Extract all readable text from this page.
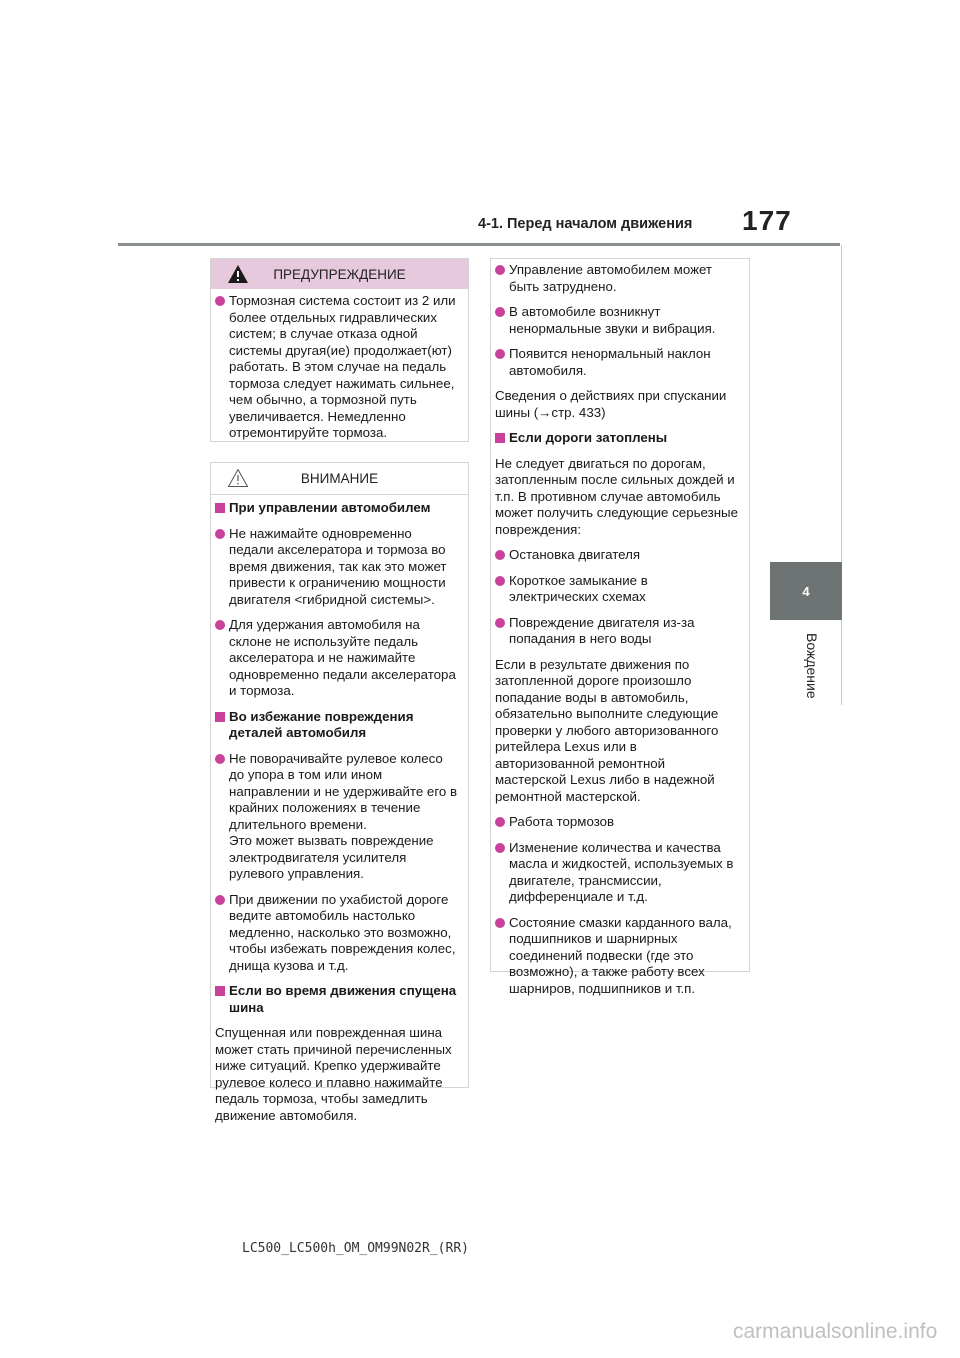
4-1. Перед началом движения 177
4
Вождение
ПРЕДУПРЕЖДЕНИЕ
Тормозная система состоит из 2 или более отдельных гидравлических систем; в случае отказа одной системы другая(ие) продолжает(ют) работать. В этом случае на педаль тормоза следует нажимать сильнее, чем обычно, а тормозной путь увеличивается. Немедленно отремонтируйте тормоза.
ВНИМАНИЕ
При управлении автомобилем
Не нажимайте одновременно педали акселератора и тормоза во время движения, так как это может привести к ограничению мощности двигателя <гибридной системы>.
Для удержания автомобиля на склоне не используйте педаль акселератора и не нажимайте одновременно педали акселератора и тормоза.
Во избежание повреждения деталей автомобиля
Не поворачивайте рулевое колесо до упора в том или ином направлении и не удерживайте его в крайних положениях в течение длительного времени.
Это может вызвать повреждение электродвигателя усилителя рулевого управления.
При движении по ухабистой дороге ведите автомобиль настолько медленно, насколько это возможно, чтобы избежать повреждения колес, днища кузова и т.д.
Если во время движения спущена шина
Спущенная или поврежденная шина может стать причиной перечисленных ниже ситуаций. Крепко удерживайте рулевое колесо и плавно нажимайте педаль тормоза, чтобы замедлить движение автомобиля.
Управление автомобилем может быть затруднено.
В автомобиле возникнут ненормальные звуки и вибрация.
Появится ненормальный наклон автомобиля.
Сведения о действиях при спускании шины (→стр. 433)
Если дороги затоплены
Не следует двигаться по дорогам, затопленным после сильных дождей и т.п. В противном случае автомобиль может получить следующие серьезные повреждения:
Остановка двигателя
Короткое замыкание в электрических схемах
Повреждение двигателя из-за попадания в него воды
Если в результате движения по затопленной дороге произошло попадание воды в автомобиль, обязательно выполните следующие проверки у любого авторизованного ритейлера Lexus или в авторизованной ремонтной мастерской Lexus либо в надежной ремонтной мастерской.
Работа тормозов
Изменение количества и качества масла и жидкостей, используемых в двигателе, трансмиссии, дифференциале и т.д.
Состояние смазки карданного вала, подшипников и шарнирных соединений подвески (где это возможно), а также работу всех шарниров, подшипников и т.п.
LC500_LC500h_OM_OM99N02R_(RR)
carmanualsonline.info
